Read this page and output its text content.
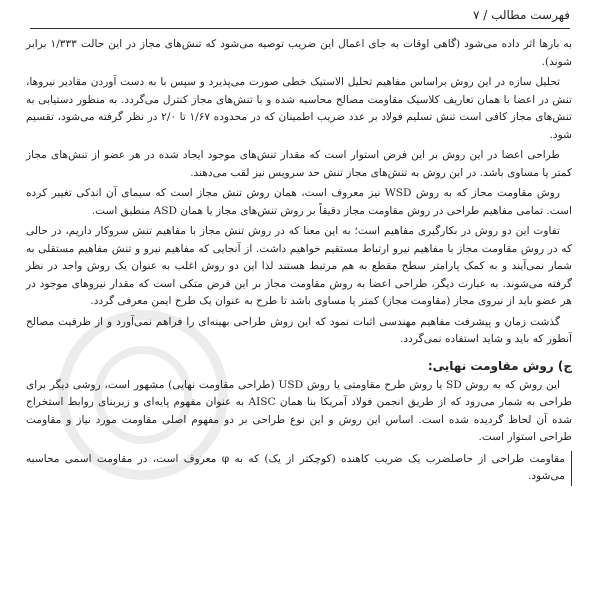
فهرست مطالب / ۷

به بارها اثر داده می‌شود (گاهی اوقات به جای اعمال این ضریب توصیه می‌شود که تنش‌های مجاز در این حالت ۱/۳۳۳ برابر شوند).

تحلیل سازه در این روش براساس مفاهیم تحلیل الاستیک خطی صورت می‌پذیرد و سپس با به دست آوردن مقادیر نیروها، تنش در اعضا با همان تعاریف کلاسیک مقاومت مصالح محاسبه شده و با تنش‌های مجاز کنترل می‌گردد. به منظور دستیابی به تنش‌های مجاز کافی است تنش تسلیم فولاد بر عدد ضریب اطمینان که در محدوده ۱/۶۷ تا ۲/۰ در نظر گرفته می‌شود، تقسیم شود.

طراحی اعضا در این روش بر این فرض استوار است که مقدار تنش‌های موجود ایجاد شده در هر عضو از تنش‌های مجاز کمتر یا مساوی باشد. در این روش به تنش‌های مجاز تنش حد سرویس نیز لقب می‌دهند.

روش مقاومت مجاز که به روش WSD نیز معروف است، همان روش تنش مجاز است که سیمای آن اندکی تغییر کرده است. تمامی مفاهیم طراحی در روش مقاومت مجاز دقیقاً بر روش تنش‌های مجاز یا همان ASD منطبق است.

تفاوت این دو روش در بکارگیری مفاهیم است؛ به این معنا که در روش تنش مجاز با مفاهیم تنش سروکار داریم، در حالی که در روش مقاومت مجاز با مفاهیم نیرو ارتباط مستقیم خواهیم داشت. از آنجایی که مفاهیم نیرو و تنش مفاهیم مستقلی به شمار نمی‌آیند و به کمک پارامتر سطح مقطع به هم مرتبط هستند لذا این دو روش اغلب به عنوان یک روش واحد در نظر گرفته می‌شوند. به عبارت دیگر، طراحی اعضا به روش مقاومت مجاز بر این فرض متکی است که مقدار نیروهای موجود در هر عضو باید از نیروی مجاز (مقاومت مجاز) کمتر یا مساوی باشد تا طرح به عنوان یک طرح ایمن معرفی گردد.

گذشت زمان و پیشرفت مفاهیم مهندسی اثبات نمود که این روش طراحی بهینه‌ای را فراهم نمی‌آورد و از ظرفیت مصالح آنطور که باید و شاید استفاده نمی‌گردد.

ج) روش مقاومت نهایی:

این روش که به روش SD یا روش طرح مقاومتی یا روش USD (طراحی مقاومت نهایی) مشهور است، روشی دیگر برای طراحی به شمار می‌رود که از طریق انجمن فولاد آمریکا بنا همان AISC به عنوان مفهوم پایه‌ای و زیربنای روابط استخراج شده آن لحاظ گردیده شده است. اساس این روش و این نوع طراحی بر دو مفهوم اصلی مقاومت مورد نیاز و مقاومت طراحی استوار است.

مقاومت طراحی از حاصلضرب یک ضریب کاهنده (کوچکتر از یک) که به φ معروف است، در مقاومت اسمی محاسبه می‌شود.
